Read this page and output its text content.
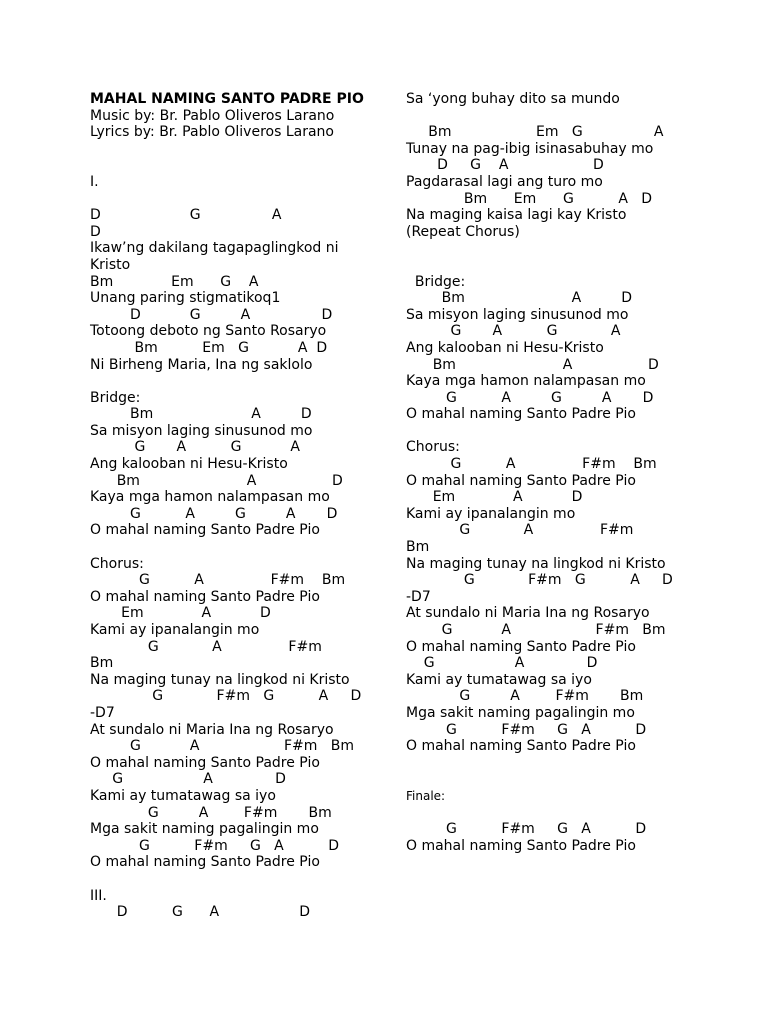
MAHAL NAMING SANTO PADRE PIO
Music by: Br. Pablo Oliveros Larano
Lyrics by: Br. Pablo Oliveros Larano
I.
D                    G                A
D
Ikaw’ng dakilang tagapaglingkod ni
Kristo
Bm             Em      G    A
Unang paring stigmatikoq1
D           G         A                D
Totoong deboto ng Santo Rosaryo
Bm          Em   G           A  D
Ni Birheng Maria, Ina ng saklolo
Bridge:
Bm                      A         D
Sa misyon laging sinusunod mo
G       A          G           A
Ang kalooban ni Hesu-Kristo
Bm                        A                 D
Kaya mga hamon nalampasan mo
G          A         G         A       D
O mahal naming Santo Padre Pio
Chorus:
G          A               F#m    Bm
O mahal naming Santo Padre Pio
Em             A           D
Kami ay ipanalangin mo
G            A               F#m
Bm
Na maging tunay na lingkod ni Kristo
G            F#m   G          A     D
-D7
At sundalo ni Maria Ina ng Rosaryo
G           A                   F#m   Bm
O mahal naming Santo Padre Pio
G                  A              D
Kami ay tumatawag sa iyo
G         A        F#m       Bm
Mga sakit naming pagalingin mo
G          F#m     G   A          D
O mahal naming Santo Padre Pio
III.
D          G      A                  D
Sa ‘yong buhay dito sa mundo
Bm                   Em   G                A
Tunay na pag-ibig isinasabuhay mo
D     G    A                   D
Pagdarasal lagi ang turo mo
Bm      Em      G          A   D
Na maging kaisa lagi kay Kristo
(Repeat Chorus)
Bridge:
Bm                        A         D
Sa misyon laging sinusunod mo
G       A          G            A
Ang kalooban ni Hesu-Kristo
Bm                        A                 D
Kaya mga hamon nalampasan mo
G          A         G         A       D
O mahal naming Santo Padre Pio
Chorus:
G          A               F#m    Bm
O mahal naming Santo Padre Pio
Em             A           D
Kami ay ipanalangin mo
G            A               F#m
Bm
Na maging tunay na lingkod ni Kristo
G            F#m   G          A     D
-D7
At sundalo ni Maria Ina ng Rosaryo
G           A                   F#m   Bm
O mahal naming Santo Padre Pio
G                  A              D
Kami ay tumatawag sa iyo
G         A        F#m       Bm
Mga sakit naming pagalingin mo
G          F#m     G   A          D
O mahal naming Santo Padre Pio
Finale:
G          F#m     G   A          D
O mahal naming Santo Padre Pio
